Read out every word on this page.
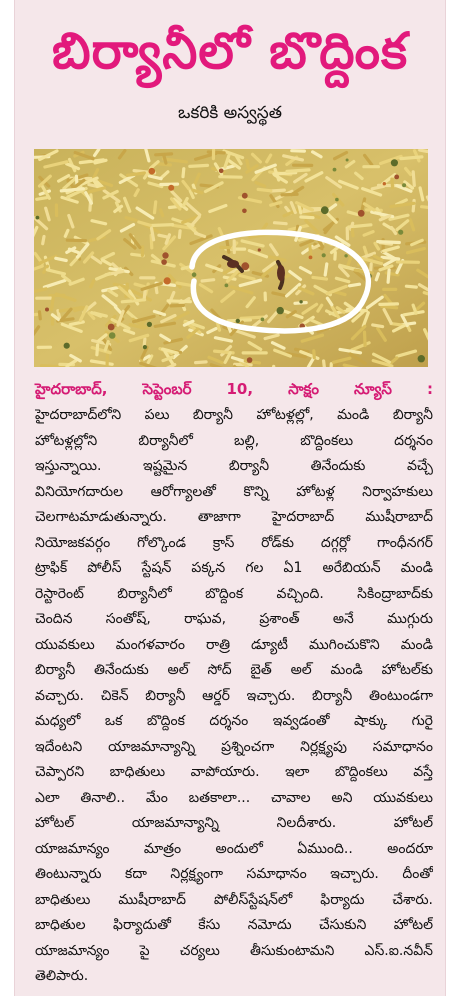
బిర్యానీలో బొద్దింక
ఒకరికి అస్వస్థత
హైదరాబాద్, సెప్టెంబర్ 10, సాక్షం న్యూస్ :
హైదరాబాద్‌లోని పలు బిర్యానీ హోటళ్లల్లో, మండి బిర్యానీ
హోటళ్లల్లోని బిర్యానీలో బల్లి, బొద్దింకలు దర్శనం
ఇస్తున్నాయి. ఇష్టమైన బిర్యానీ తినేందుకు వచ్చే
వినియోగదారుల ఆరోగ్యాలతో కొన్ని హోటళ్ల నిర్వాహకులు
చెలగాటమాడుతున్నారు. తాజాగా హైదరాబాద్ ముషీరాబాద్
నియోజకవర్గం గోల్కొండ క్రాస్ రోడ్‌కు దగ్గర్లో గాంధీనగర్
ట్రాఫిక్ పోలీస్ స్టేషన్ పక్కన గల ఏ1 అరేబియన్ మండి
రెస్టారెంట్ బిర్యానీలో బొద్దింక వచ్చింది. సికింద్రాబాద్‌కు
చెందిన సంతోష్, రాఘవ, ప్రశాంత్ అనే ముగ్గురు
యువకులు మంగళవారం రాత్రి డ్యూటీ ముగించుకొని మండి
బిర్యానీ తినేందుకు అల్ సోద్ బైత్ అల్ మండి హోటల్‌కు
వచ్చారు. చికెన్ బిర్యానీ ఆర్డర్ ఇచ్చారు. బిర్యానీ తింటుండగా
మధ్యలో ఒక బొద్దింక దర్శనం ఇవ్వడంతో షాక్కు గురై
ఇదేంటని యాజమాన్యాన్ని ప్రశ్నించగా నిర్లక్ష్యపు సమాధానం
చెప్పారని బాధితులు వాపోయారు. ఇలా బొద్దింకలు వస్తే
ఎలా తినాలి.. మేం బతకాలా... చావాల అని యువకులు
హోటల్ యాజమాన్యాన్ని నిలదీశారు. హోటల్
యాజమాన్యం మాత్రం అందులో ఏముంది.. అందరూ
తింటున్నారు కదా నిర్లక్ష్యంగా సమాధానం ఇచ్చారు. దీంతో
బాధితులు ముషీరాబాద్ పోలీస్‌స్టేషన్‌లో ఫిర్యాదు చేశారు.
బాధితుల ఫిర్యాదుతో కేసు నమోదు చేసుకుని హోటల్
యాజమాన్యం పై చర్యలు తీసుకుంటామని ఎస్.ఐ.నవీన్
తెలిపారు.
